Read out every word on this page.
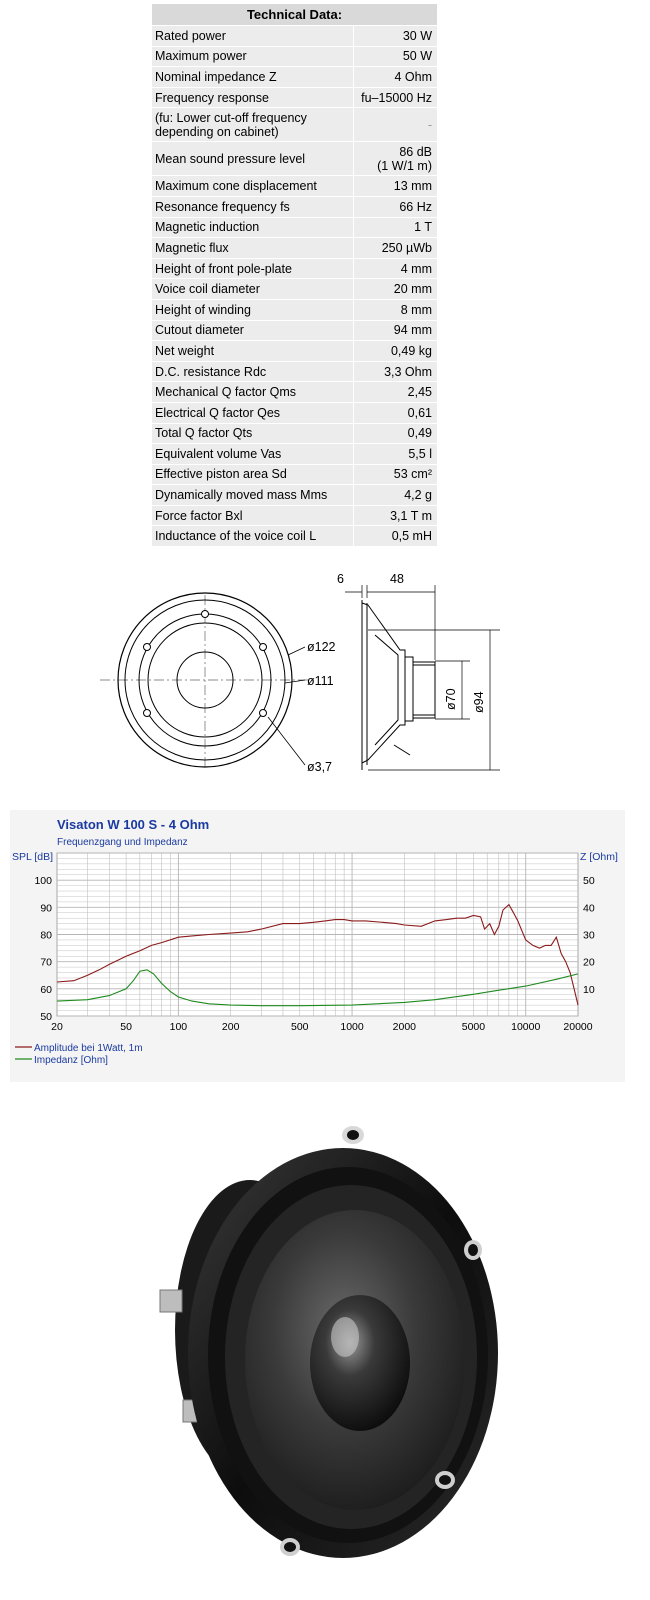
Technical Data:	
Rated power	30 W
Maximum power	50 W
Nominal impedance Z	4 Ohm
Frequency response	fu–15000 Hz
(fu: Lower cut-off frequency depending on cabinet)	-
Mean sound pressure level	86 dB
(1 W/1 m)
Maximum cone displacement	13 mm
Resonance frequency fs	66 Hz
Magnetic induction	1 T
Magnetic flux	250 µWb
Height of front pole-plate	4 mm
Voice coil diameter	20 mm
Height of winding	8 mm
Cutout diameter	94 mm
Net weight	0,49 kg
D.C. resistance Rdc	3,3 Ohm
Mechanical Q factor Qms	2,45
Electrical Q factor Qes	0,61
Total Q factor Qts	0,49
Equivalent volume Vas	5,5 l
Effective piston area Sd	53 cm²
Dynamically moved mass Mms	4,2 g
Force factor Bxl	3,1 T m
Inductance of the voice coil L	0,5 mH
ø122
ø111
ø3,7
6	48
ø70 ø94
Visaton W 100 S - 4 Ohm
Frequenzgang und Impedanz
SPL [dB]	Z [Ohm]
20	50	100	200	500	1000	2000	5000 10000 20000
50
60
70
80
90
100
10
20
30
40
50
Amplitude bei 1Watt, 1m
Impedanz [Ohm]
